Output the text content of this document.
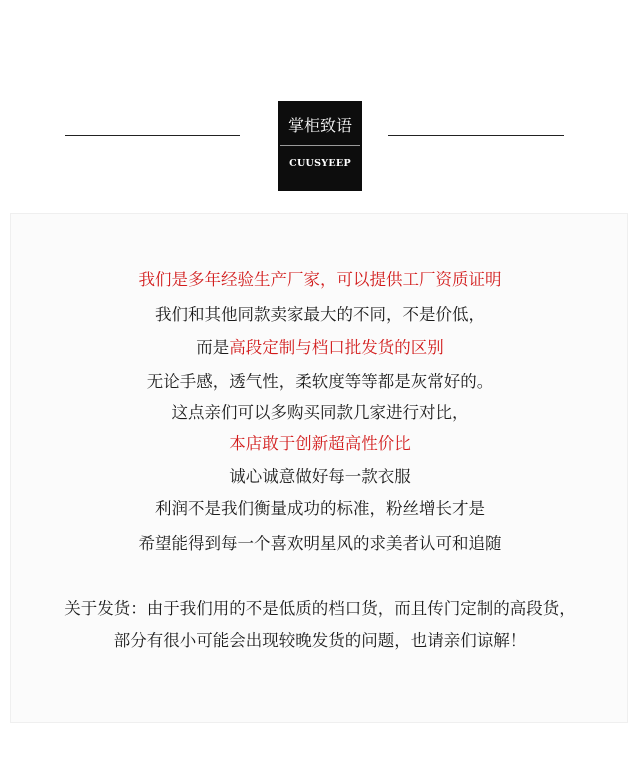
掌柜致语
CUUSYEEP
我们是多年经验生产厂家，可以提供工厂资质证明
我们和其他同款卖家最大的不同，不是价低，
而是高段定制与档口批发货的区别
无论手感，透气性，柔软度等等都是灰常好的。
这点亲们可以多购买同款几家进行对比，
本店敢于创新超高性价比
诚心诚意做好每一款衣服
利润不是我们衡量成功的标准，粉丝增长才是
希望能得到每一个喜欢明星风的求美者认可和追随
关于发货：由于我们用的不是低质的档口货，而且传门定制的高段货，
部分有很小可能会出现较晚发货的问题，也请亲们谅解！
